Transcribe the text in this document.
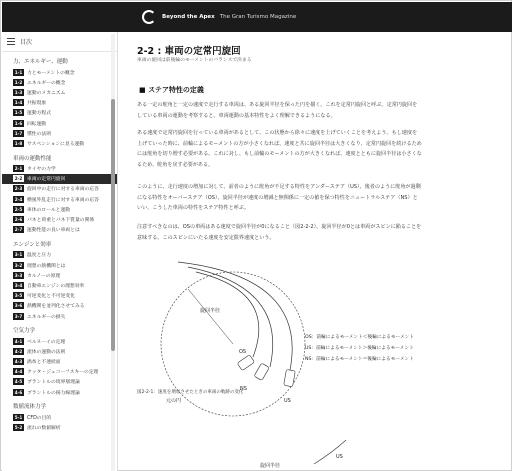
Beyond the Apex The Gran Turismo Magazine
目次
力、エネルギー、運動
1-1 力とモーメントの概念
1-2 エネルギーの概念
1-3 運動のメカニズム
1-4 共振現象
1-5 運動方程式
1-6 回転運動
1-7 慣性の法則
1-8 サスペンションに見る運動
車両の運動性能
2-1 タイヤの力学
2-2 車両の定常円旋回
2-3 旋回中の走行に対する車両の応答
2-4 横風外乱走行に対する車両の応答
2-5 車体のロールと運動
2-6 パネと荷重とパネ下質量の関係
2-7 運動性能の良い車両とは
エンジンと効率
3-1 温度と圧力
3-2 理想の熱機関とは
3-3 カルノーの原理
3-4 自動車エンジンの理想効率
3-5 可逆変化と不可逆変化
3-6 熱機関を並列化させてみる
3-7 エネルギーの損失
空気力学
4-1 ベルヌーイの定理
4-2 流体の運動の法則
4-3 渦糸と不連続面
4-4 クッタ・ジュコーフスキーの定理
4-5 ブラントルの境界層理論
4-6 ブラントルの揚力線理論
数値流体力学
5-1 CFDの目的
5-2 流れの数値解析
2-2 : 車両の定常円旋回
車両の旋回は前後輪のモーメントのバランスで決まる
■ ステア特性の定義

ある一定の舵角と一定の速度で走行する車両は、ある旋回半径を保った円を描く。これを定常円旋回と呼ぶ。定常円旋回をしている車両の運動を考察すると、車両運動の基本特性をよく理解できるようになる。

ある速度で定常円旋回を行っている車両があるとして、この状態から徐々に速度を上げていくことを考えよう。もし速度を上げていった時に、前輪によるモーメントの方が小さくなれば、速度と共に旋回半径は大きくなり、定常円旋回を続けるためには舵角を切り増す必要がある。これに対し、もし前輪のモーメントの方が大きくなれば、速度とともに旋回半径は小さくなるため、舵角を戻す必要がある。

このように、走行速度の増加に対して、前者のように舵角が不足する特性をアンダーステア（US）、後者のように舵角が過剰になる特性をオーバーステア（OS）、旋回半径が速度の増減と無関係に一定の値を保つ特性をニュートラルステア（NS）といい、こうした車両の特性をステア特性と呼ぶ。

注意すべきなのは、OSの車両はある速度で旋回半径が0になること（図2-2-2）。旋回半径が0とは車両がスピンに陥ることを意味する。このスピンにいたる速度を安定限界速度という。

旋回半径
OS
NS
US
元の円
US
旋回半径
OS：前輪によるモーメント＜後輪によるモーメント
US：前輪によるモーメント＞後輪によるモーメント
NS：前輪によるモーメント＝後輪によるモーメント
図2-2-1：速度を増加させたときの車両の軌跡の変化
